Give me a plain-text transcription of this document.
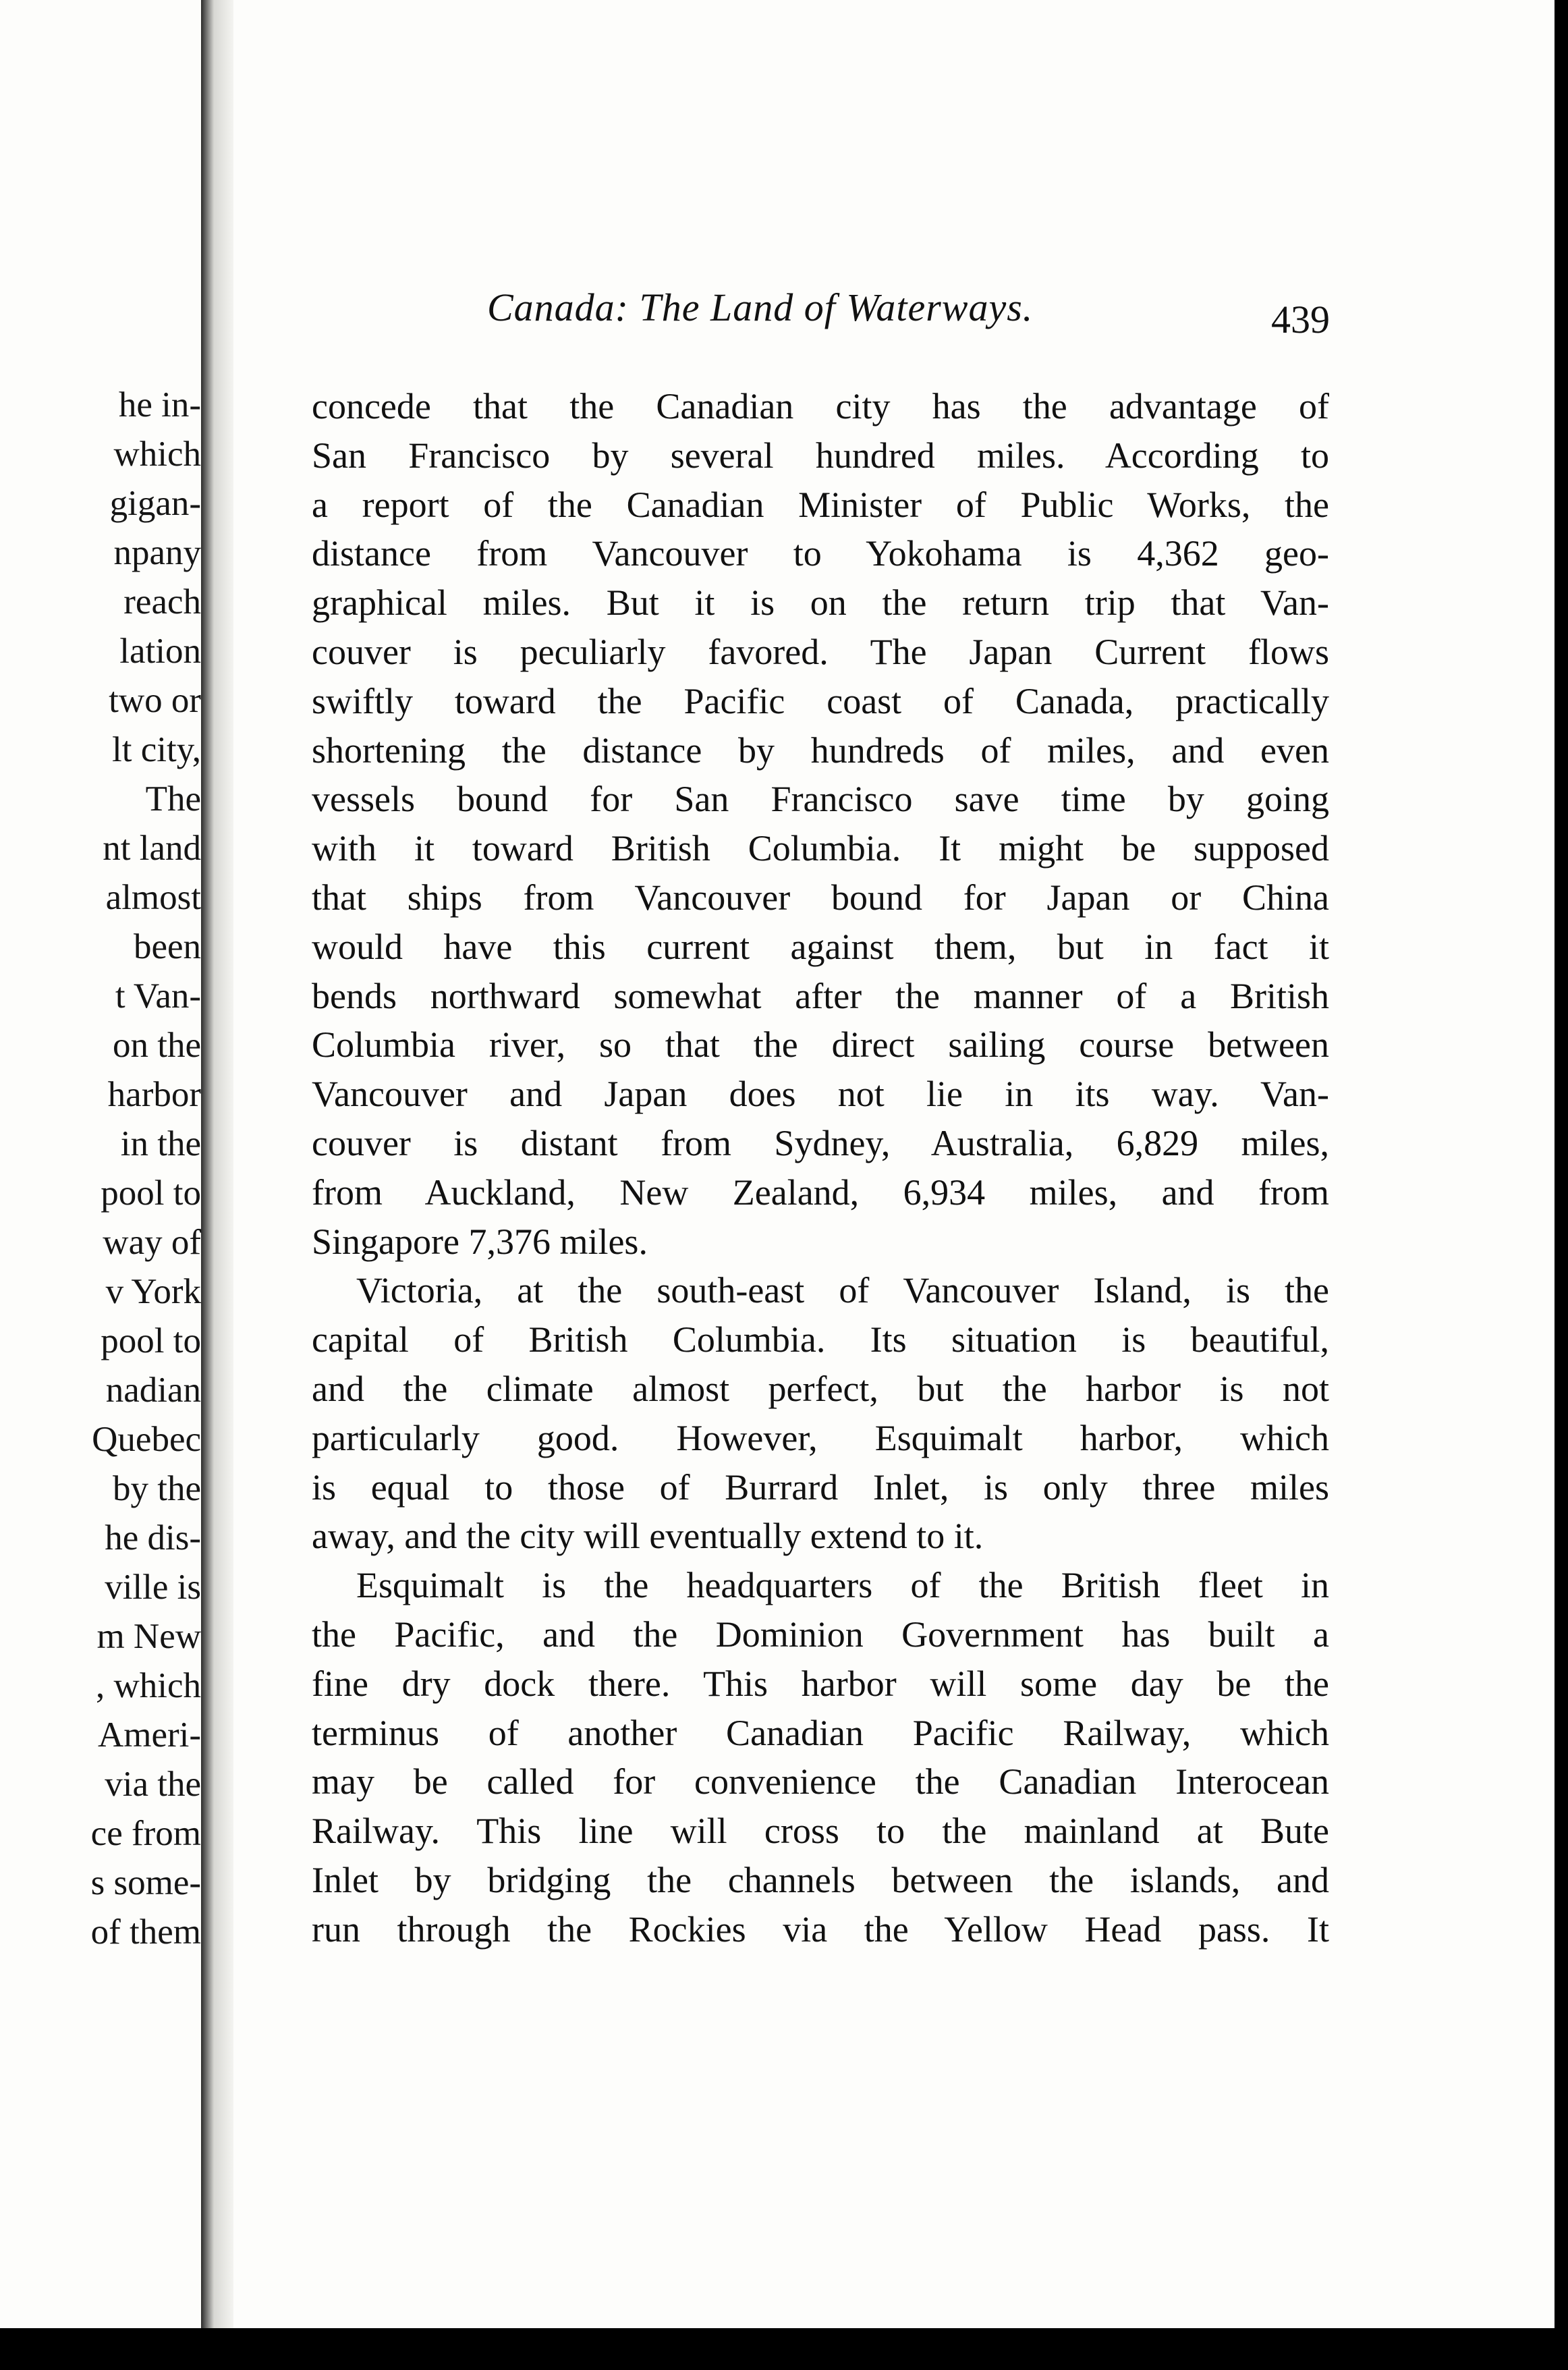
he in-
which
gigan-
npany
reach
lation
two or
lt city,
The
nt land
almost
been
t Van-
on the
harbor
in the
pool to
way of
v York
pool to
nadian
Quebec
by the
he dis-
ville is
m New
, which
Ameri-
via the
ce from
s some-
of them
Canada: The Land of Waterways.	439
concede that the Canadian city has the advantage of
San Francisco by several hundred miles. According to
a report of the Canadian Minister of Public Works, the
distance from Vancouver to Yokohama is 4,362 geo-
graphical miles. But it is on the return trip that Van-
couver is peculiarly favored. The Japan Current flows
swiftly toward the Pacific coast of Canada, practically
shortening the distance by hundreds of miles, and even
vessels bound for San Francisco save time by going
with it toward British Columbia. It might be supposed
that ships from Vancouver bound for Japan or China
would have this current against them, but in fact it
bends northward somewhat after the manner of a British
Columbia river, so that the direct sailing course between
Vancouver and Japan does not lie in its way. Van-
couver is distant from Sydney, Australia, 6,829 miles,
from Auckland, New Zealand, 6,934 miles, and from
Singapore 7,376 miles.
Victoria, at the south-east of Vancouver Island, is the
capital of British Columbia. Its situation is beautiful,
and the climate almost perfect, but the harbor is not
particularly good. However, Esquimalt harbor, which
is equal to those of Burrard Inlet, is only three miles
away, and the city will eventually extend to it.
Esquimalt is the headquarters of the British fleet in
the Pacific, and the Dominion Government has built a
fine dry dock there. This harbor will some day be the
terminus of another Canadian Pacific Railway, which
may be called for convenience the Canadian Interocean
Railway. This line will cross to the mainland at Bute
Inlet by bridging the channels between the islands, and
run through the Rockies via the Yellow Head pass. It
